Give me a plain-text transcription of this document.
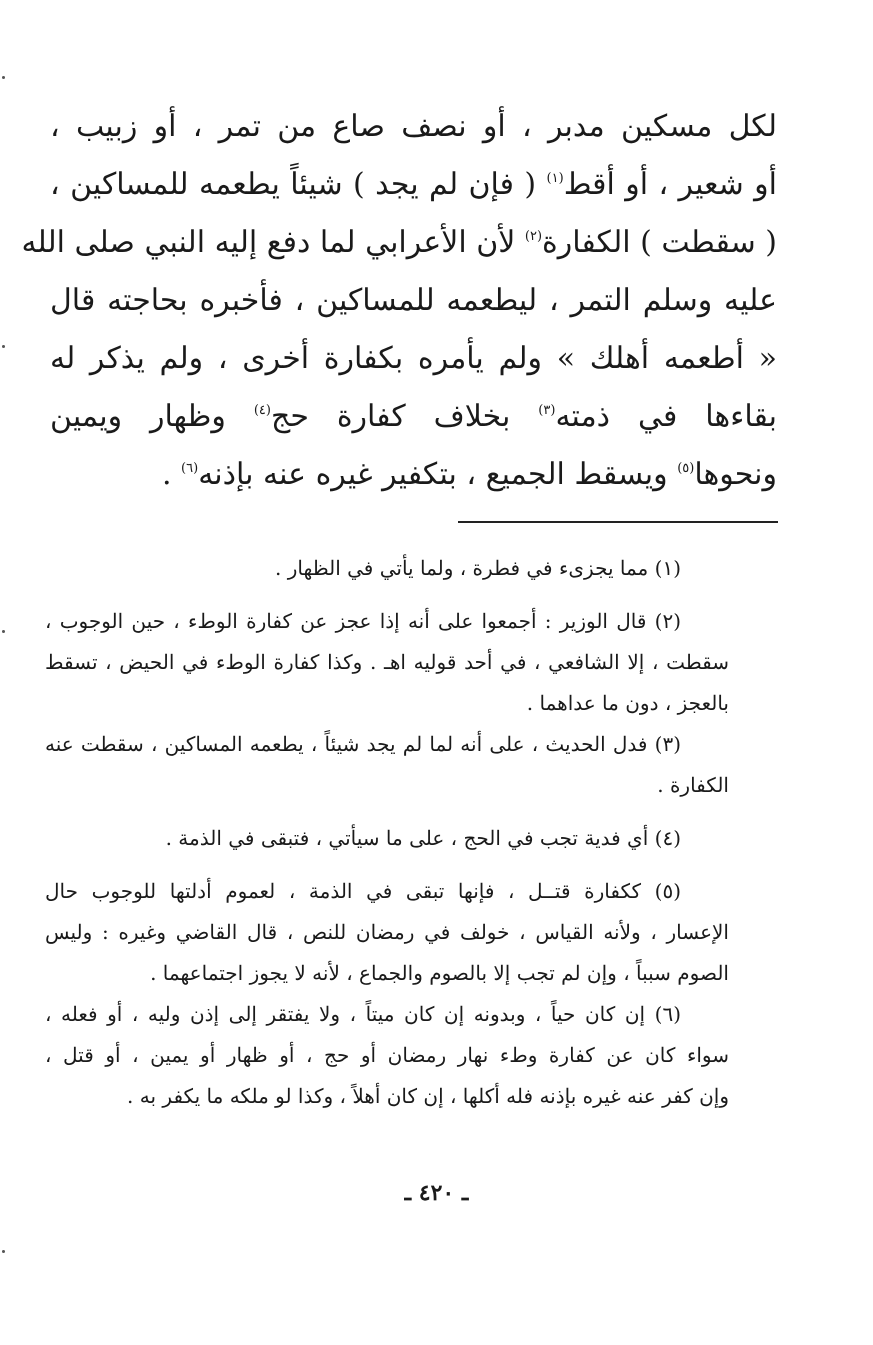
لكل مسكين مدبر ، أو نصف صاع من تمر ، أو زبيب ،
أو شعير ، أو أقط$^{(١)}$ ( فإن لم يجد ) شيئاً يطعمه للمساكين ،
( سقطت ) الكفارة$^{(٢)}$ لأن الأعرابي لما دفع إليه النبي صلى الله
عليه وسلم التمر ، ليطعمه للمساكين ، فأخبره بحاجته قال
« أطعمه أهلك » ولم يأمره بكفارة أخرى ، ولم يذكر له
بقاءها في ذمته$^{(٣)}$ بخلاف كفارة حج$^{(٤)}$ وظهار ويمين
ونحوها$^{(٥)}$ ويسقط الجميع ، بتكفير غيره عنه بإذنه$^{(٦)}$ .
(١) مما يجزىء في فطرة ، ولما يأتي في الظهار .
(٢) قال الوزير : أجمعوا على أنه إذا عجز عن كفارة الوطء ، حين الوجوب ،
سقطت ، إلا الشافعي ، في أحد قوليه اهـ . وكذا كفارة الوطء في الحيض ، تسقط
بالعجز ، دون ما عداهما .
(٣) فدل الحديث ، على أنه لما لم يجد شيئاً ، يطعمه المساكين ، سقطت عنه
الكفارة .
(٤) أي فدية تجب في الحج ، على ما سيأتي ، فتبقى في الذمة .
(٥) ككفارة قتــل ، فإنها تبقى في الذمة ، لعموم أدلتها للوجوب حال
الإعسار ، ولأنه القياس ، خولف في رمضان للنص ، قال القاضي وغيره : وليس
الصوم سبباً ، وإن لم تجب إلا بالصوم والجماع ، لأنه لا يجوز اجتماعهما .
(٦) إن كان حياً ، وبدونه إن كان ميتاً ، ولا يفتقر إلى إذن وليه ، أو فعله ،
سواء كان عن كفارة وطء نهار رمضان أو حج ، أو ظهار أو يمين ، أو قتل ،
وإن كفر عنه غيره بإذنه فله أكلها ، إن كان أهلاً ، وكذا لو ملكه ما يكفر به .
ـ ٤٢٠ ـ
